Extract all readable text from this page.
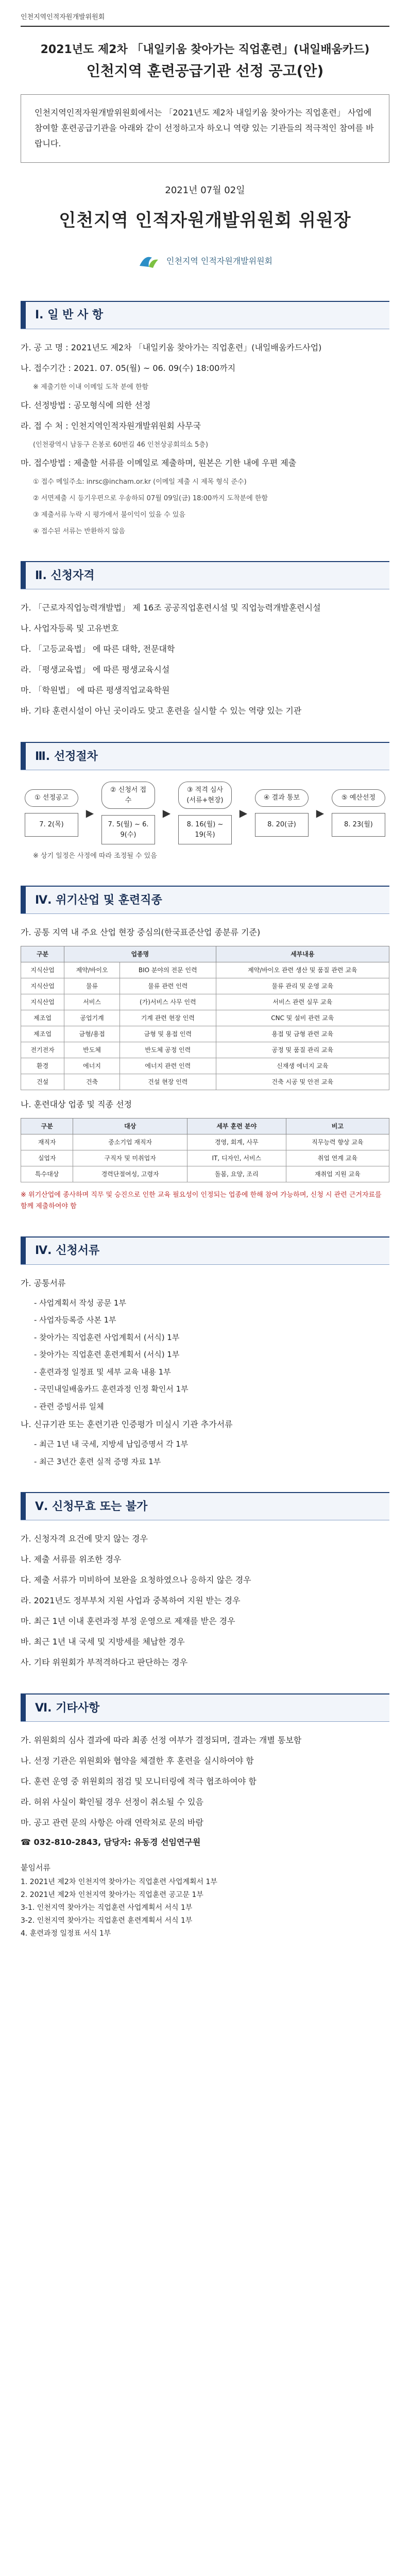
인천지역인적자원개발위원회
2021년도 제2차 「내일키움 찾아가는 직업훈련」(내일배움카드)
인천지역 훈련공급기관 선정 공고(안)
인천지역인적자원개발위원회에서는 「2021년도 제2차 내일키움 찾아가는 직업훈련」 사업에 참여할 훈련공급기관을 아래와 같이 선정하고자 하오니 역량 있는 기관들의 적극적인 참여를 바랍니다.
2021년 07월 02일
인천지역 인적자원개발위원회 위원장
인천지역 인적자원개발위원회
Ⅰ. 일 반 사 항
가. 공 고 명 : 2021년도 제2차 「내일키움 찾아가는 직업훈련」(내일배움카드사업)
나. 접수기간 : 2021. 07. 05(월) ~ 06. 09(수) 18:00까지
※ 제출기한 이내 이메일 도착 분에 한함
다. 선정방법 : 공모형식에 의한 선정
라. 접 수 처 : 인천지역인적자원개발위원회 사무국
(인천광역시 남동구 은봉로 60번길 46 인천상공회의소 5층)
마. 접수방법 : 제출할 서류를 이메일로 제출하며, 원본은 기한 내에 우편 제출
① 접수 메일주소: inrsc@incham.or.kr (이메일 제출 시 제목 형식 준수)
② 서면제출 시 등기우편으로 우송하되 07월 09일(금) 18:00까지 도착분에 한함
③ 제출서류 누락 시 평가에서 불이익이 있을 수 있음
④ 접수된 서류는 반환하지 않음
Ⅱ. 신청자격
가. 「근로자직업능력개발법」 제 16조 공공직업훈련시설 및 직업능력개발훈련시설
나. 사업자등록 및 고유번호
다. 「고등교육법」 에 따른 대학, 전문대학
라. 「평생교육법」 에 따른 평생교육시설
마. 「학원법」 에 따른 평생직업교육학원
바. 기타 훈련시설이 아닌 곳이라도 맞고 훈련을 실시할 수 있는 역량 있는 기관
Ⅲ. 선정절차
① 선정공고
7. 2(목)
▶
② 신청서 접수
7. 5(월) ~ 6. 9(수)
▶
③ 적격 심사 (서류+현장)
8. 16(월) ~ 19(목)
▶
④ 결과 통보
8. 20(금)
▶
⑤ 예산선정
8. 23(월)
※ 상기 일정은 사정에 따라 조정될 수 있음
Ⅳ. 위기산업 및 훈련직종
가. 공통 지역 내 주요 산업 현장 중심의(한국표준산업 종분류 기준)
구분	업종명		세부내용
지식산업	제약/바이오	BIO 분야의 전문 인력	제약/바이오 관련 생산 및 품질 관련 교육
지식산업	물류	물류 관련 인력	물류 관리 및 운영 교육
지식산업	서비스	(가)서비스 사무 인력	서비스 관련 실무 교육
제조업	공업기계	기계 관련 현장 인력	CNC 및 설비 관련 교육
제조업	금형/용접	금형 및 용접 인력	용접 및 금형 관련 교육
전기전자	반도체	반도체 공정 인력	공정 및 품질 관리 교육
환경	에너지	에너지 관련 인력	신재생 에너지 교육
건설	건축	건설 현장 인력	건축 시공 및 안전 교육
나. 훈련대상 업종 및 직종 선정
구분	대상	세부 훈련 분야	비고
재직자	중소기업 재직자	경영, 회계, 사무	직무능력 향상 교육
실업자	구직자 및 미취업자	IT, 디자인, 서비스	취업 연계 교육
특수대상	경력단절여성, 고령자	돌봄, 요양, 조리	재취업 지원 교육
※ 위기산업에 종사하며 직무 및 승진으로 인한 교육 필요성이 인정되는 업종에 한해 참여 가능하며, 신청 시 관련 근거자료를 함께 제출하여야 함
Ⅳ. 신청서류
가. 공통서류
- 사업계획서 작성 공문 1부
- 사업자등록증 사본 1부
- 찾아가는 직업훈련 사업계획서 (서식) 1부
- 찾아가는 직업훈련 훈련계획서 (서식) 1부
- 훈련과정 일정표 및 세부 교육 내용 1부
- 국민내일배움카드 훈련과정 인정 확인서 1부
- 관련 증빙서류 일체
나. 신규기관 또는 훈련기관 인증평가 미실시 기관 추가서류
- 최근 1년 내 국세, 지방세 납입증명서 각 1부
- 최근 3년간 훈련 실적 증명 자료 1부
Ⅴ. 신청무효 또는 불가
가. 신청자격 요건에 맞지 않는 경우
나. 제출 서류를 위조한 경우
다. 제출 서류가 미비하여 보완을 요청하였으나 응하지 않은 경우
라. 2021년도 정부부처 지원 사업과 중복하여 지원 받는 경우
마. 최근 1년 이내 훈련과정 부정 운영으로 제재를 받은 경우
바. 최근 1년 내 국세 및 지방세를 체납한 경우
사. 기타 위원회가 부적격하다고 판단하는 경우
Ⅵ. 기타사항
가. 위원회의 심사 결과에 따라 최종 선정 여부가 결정되며, 결과는 개별 통보함
나. 선정 기관은 위원회와 협약을 체결한 후 훈련을 실시하여야 함
다. 훈련 운영 중 위원회의 점검 및 모니터링에 적극 협조하여야 함
라. 허위 사실이 확인될 경우 선정이 취소될 수 있음
마. 공고 관련 문의 사항은 아래 연락처로 문의 바람
☎ 032-810-2843, 담당자: 유동경 선임연구원
붙임서류
1. 2021년 제2차 인천지역 찾아가는 직업훈련 사업계획서 1부
2. 2021년 제2차 인천지역 찾아가는 직업훈련 공고문 1부
3-1. 인천지역 찾아가는 직업훈련 사업계획서 서식 1부
3-2. 인천지역 찾아가는 직업훈련 훈련계획서 서식 1부
4. 훈련과정 일정표 서식 1부
